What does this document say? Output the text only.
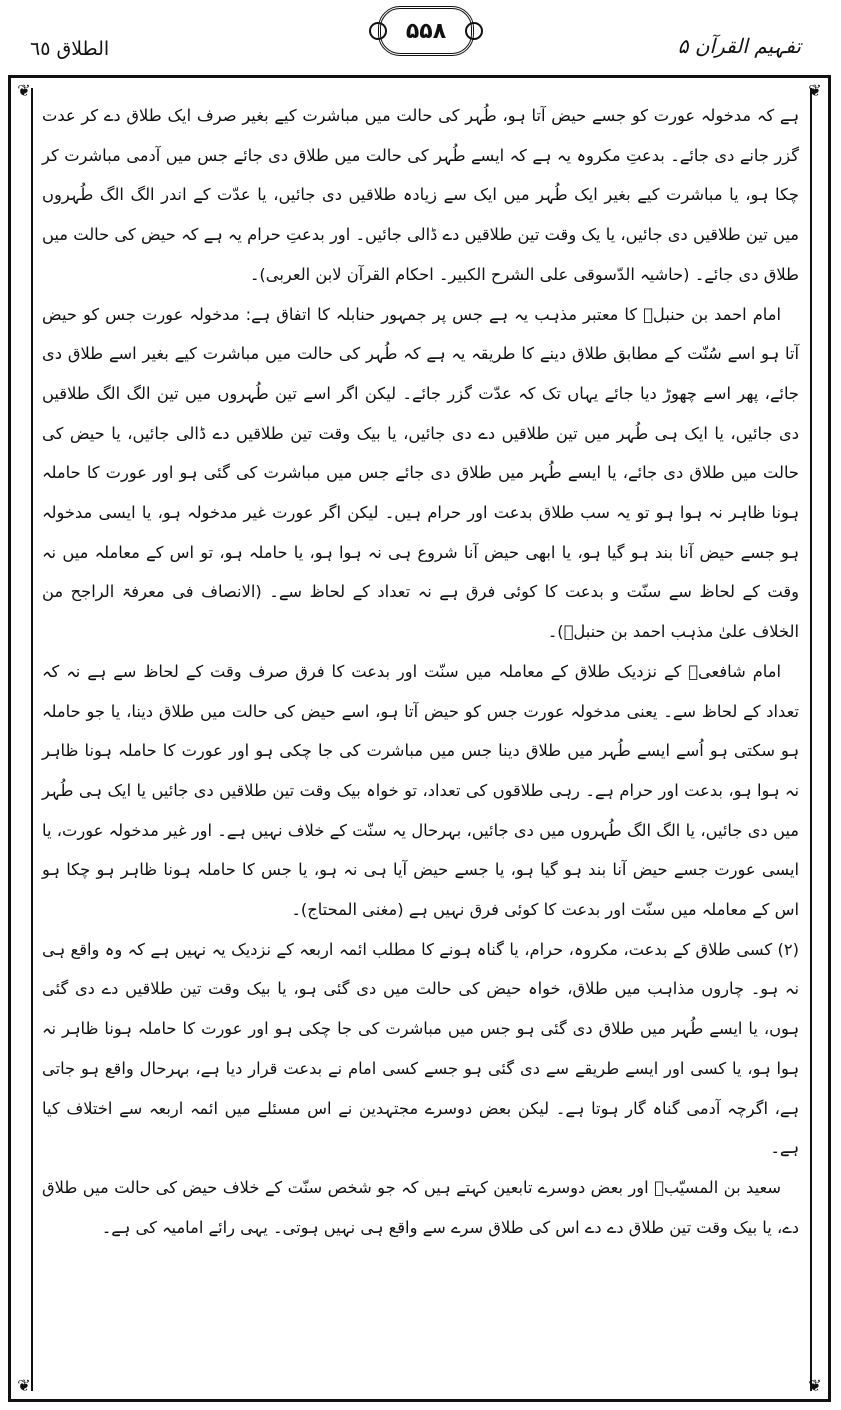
الطلاق ٦٥
۵۵۸
تفہیم القرآن ۵
❦	❦
❦	❦

ہے کہ مدخولہ عورت کو جسے حیض آتا ہو، طُہر کی حالت میں مباشرت کیے بغیر صرف ایک طلاق دے کر عدت گزر جانے دی جائے۔ بدعتِ مکروہ یہ ہے کہ ایسے طُہر کی حالت میں طلاق دی جائے جس میں آدمی مباشرت کر چکا ہو، یا مباشرت کیے بغیر ایک طُہر میں ایک سے زیادہ طلاقیں دی جائیں، یا عدّت کے اندر الگ الگ طُہروں میں تین طلاقیں دی جائیں، یا یک وقت تین طلاقیں دے ڈالی جائیں۔ اور بدعتِ حرام یہ ہے کہ حیض کی حالت میں طلاق دی جائے۔ (حاشیہ الدّسوقی علی الشرح الکبیر۔ احکام القرآن لابن العربی)۔

امام احمد بن حنبلؒ کا معتبر مذہب یہ ہے جس پر جمہور حنابلہ کا اتفاق ہے: مدخولہ عورت جس کو حیض آتا ہو اسے سُنّت کے مطابق طلاق دینے کا طریقہ یہ ہے کہ طُہر کی حالت میں مباشرت کیے بغیر اسے طلاق دی جائے، پھر اسے چھوڑ دیا جائے یہاں تک کہ عدّت گزر جائے۔ لیکن اگر اسے تین طُہروں میں تین الگ الگ طلاقیں دی جائیں، یا ایک ہی طُہر میں تین طلاقیں دے دی جائیں، یا بیک وقت تین طلاقیں دے ڈالی جائیں، یا حیض کی حالت میں طلاق دی جائے، یا ایسے طُہر میں طلاق دی جائے جس میں مباشرت کی گئی ہو اور عورت کا حاملہ ہونا ظاہر نہ ہوا ہو تو یہ سب طلاق بدعت اور حرام ہیں۔ لیکن اگر عورت غیر مدخولہ ہو، یا ایسی مدخولہ ہو جسے حیض آنا بند ہو گیا ہو، یا ابھی حیض آنا شروع ہی نہ ہوا ہو، یا حاملہ ہو، تو اس کے معاملہ میں نہ وقت کے لحاظ سے سنّت و بدعت کا کوئی فرق ہے نہ تعداد کے لحاظ سے۔ (الانصاف فی معرفۃ الراجح من الخلاف علیٰ مذہب احمد بن حنبلؒ)۔

امام شافعیؒ کے نزدیک طلاق کے معاملہ میں سنّت اور بدعت کا فرق صرف وقت کے لحاظ سے ہے نہ کہ تعداد کے لحاظ سے۔ یعنی مدخولہ عورت جس کو حیض آتا ہو، اسے حیض کی حالت میں طلاق دینا، یا جو حاملہ ہو سکتی ہو اُسے ایسے طُہر میں طلاق دینا جس میں مباشرت کی جا چکی ہو اور عورت کا حاملہ ہونا ظاہر نہ ہوا ہو، بدعت اور حرام ہے۔ رہی طلاقوں کی تعداد، تو خواہ بیک وقت تین طلاقیں دی جائیں یا ایک ہی طُہر میں دی جائیں، یا الگ الگ طُہروں میں دی جائیں، بہرحال یہ سنّت کے خلاف نہیں ہے۔ اور غیر مدخولہ عورت، یا ایسی عورت جسے حیض آنا بند ہو گیا ہو، یا جسے حیض آیا ہی نہ ہو، یا جس کا حاملہ ہونا ظاہر ہو چکا ہو اس کے معاملہ میں سنّت اور بدعت کا کوئی فرق نہیں ہے (مغنی المحتاج)۔

(۲) کسی طلاق کے بدعت، مکروہ، حرام، یا گناہ ہونے کا مطلب ائمہ اربعہ کے نزدیک یہ نہیں ہے کہ وہ واقع ہی نہ ہو۔ چاروں مذاہب میں طلاق، خواہ حیض کی حالت میں دی گئی ہو، یا بیک وقت تین طلاقیں دے دی گئی ہوں، یا ایسے طُہر میں طلاق دی گئی ہو جس میں مباشرت کی جا چکی ہو اور عورت کا حاملہ ہونا ظاہر نہ ہوا ہو، یا کسی اور ایسے طریقے سے دی گئی ہو جسے کسی امام نے بدعت قرار دیا ہے، بہرحال واقع ہو جاتی ہے، اگرچہ آدمی گناہ گار ہوتا ہے۔ لیکن بعض دوسرے مجتہدین نے اس مسئلے میں ائمہ اربعہ سے اختلاف کیا ہے۔

سعید بن المسیّبؒ اور بعض دوسرے تابعین کہتے ہیں کہ جو شخص سنّت کے خلاف حیض کی حالت میں طلاق دے، یا بیک وقت تین طلاق دے دے اس کی طلاق سرے سے واقع ہی نہیں ہوتی۔ یہی رائے امامیہ کی ہے۔
